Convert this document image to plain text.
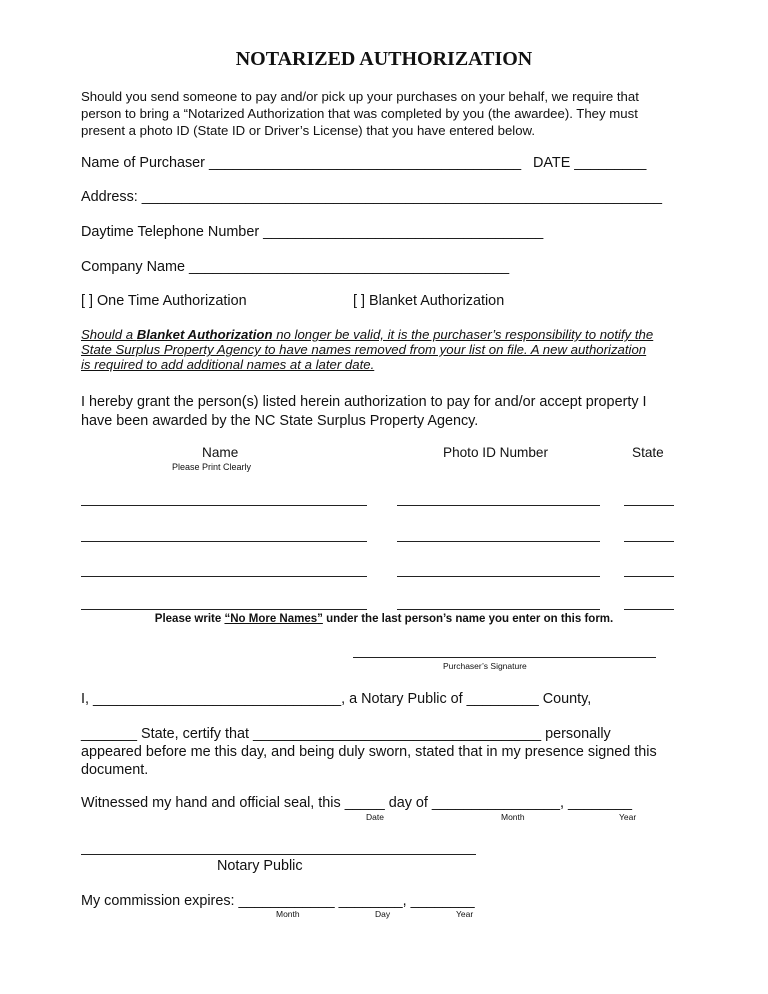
NOTARIZED AUTHORIZATION
Should you send someone to pay and/or pick up your purchases on your behalf, we require that
person to bring a “Notarized Authorization that was completed by you (the awardee). They must
present a photo ID (State ID or Driver’s License) that you have entered below.
Name of Purchaser _______________________________________ DATE _________
Address: _________________________________________________________________
Daytime Telephone Number ___________________________________
Company Name ________________________________________
[ ] One Time Authorization	[ ] Blanket Authorization
Should a Blanket Authorization no longer be valid, it is the purchaser’s responsibility to notify the
State Surplus Property Agency to have names removed from your list on file. A new authorization
is required to add additional names at a later date.
I hereby grant the person(s) listed herein authorization to pay for and/or accept property I
have been awarded by the NC State Surplus Property Agency.
Name
Please Print Clearly
Photo ID Number	State
Please write “No More Names” under the last person’s name you enter on this form.
Purchaser’s Signature
I, _______________________________, a Notary Public of _________ County,
_______ State, certify that ____________________________________ personally
appeared before me this day, and being duly sworn, stated that in my presence signed this
document.
Witnessed my hand and official seal, this _____ day of ________________, ________
Date	Month	Year
Notary Public
My commission expires: ____________ ________, ________
Month	Day	Year
